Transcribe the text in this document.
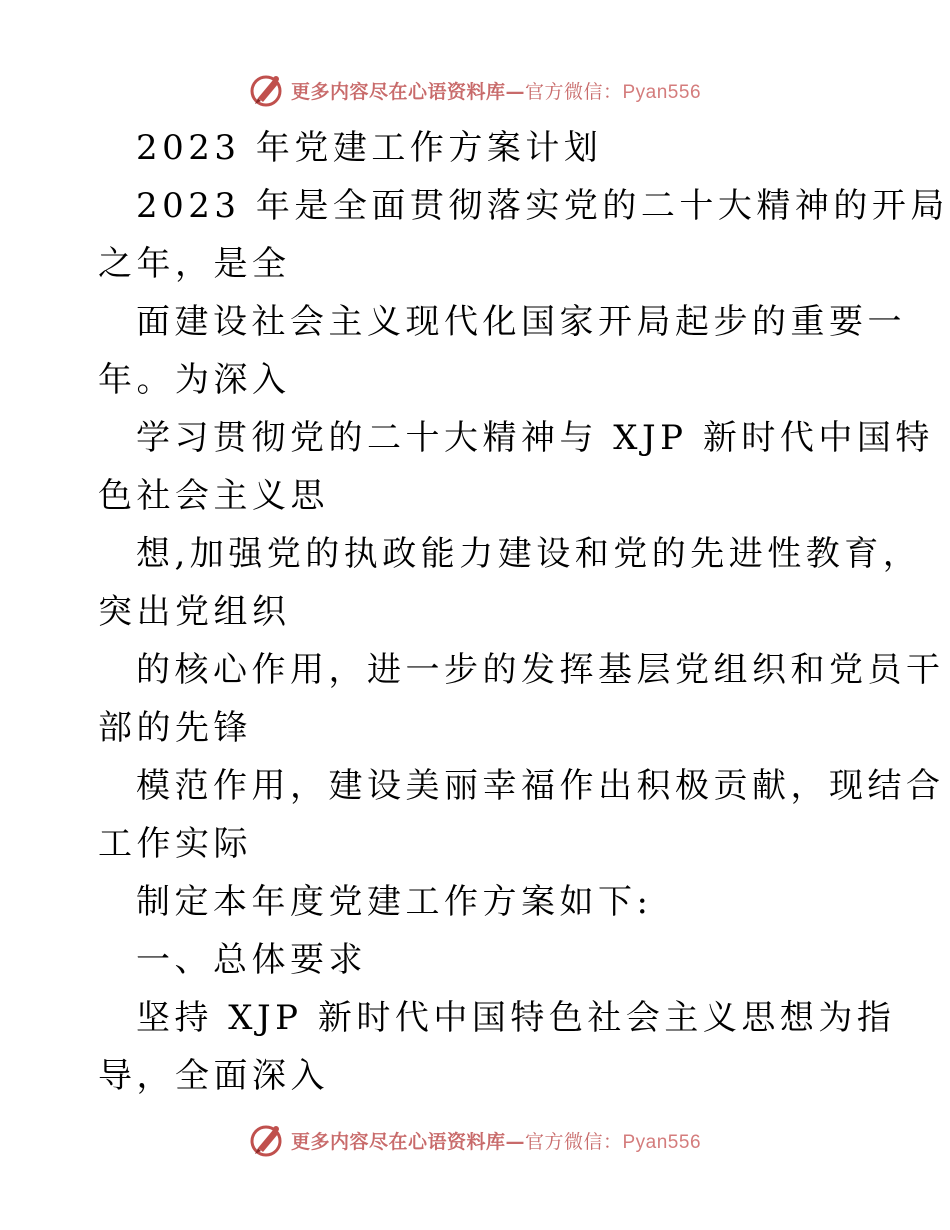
更多内容尽在心语资料库—官方微信：Pyan556
2023 年党建工作方案计划
2023 年是全面贯彻落实党的二十大精神的开局
之年，是全
面建设社会主义现代化国家开局起步的重要一
年。为深入
学习贯彻党的二十大精神与 XJP 新时代中国特
色社会主义思
想,加强党的执政能力建设和党的先进性教育，
突出党组织
的核心作用，进一步的发挥基层党组织和党员干
部的先锋
模范作用，建设美丽幸福作出积极贡献，现结合
工作实际
制定本年度党建工作方案如下:
一、总体要求
坚持 XJP 新时代中国特色社会主义思想为指
导，全面深入
更多内容尽在心语资料库—官方微信：Pyan556
